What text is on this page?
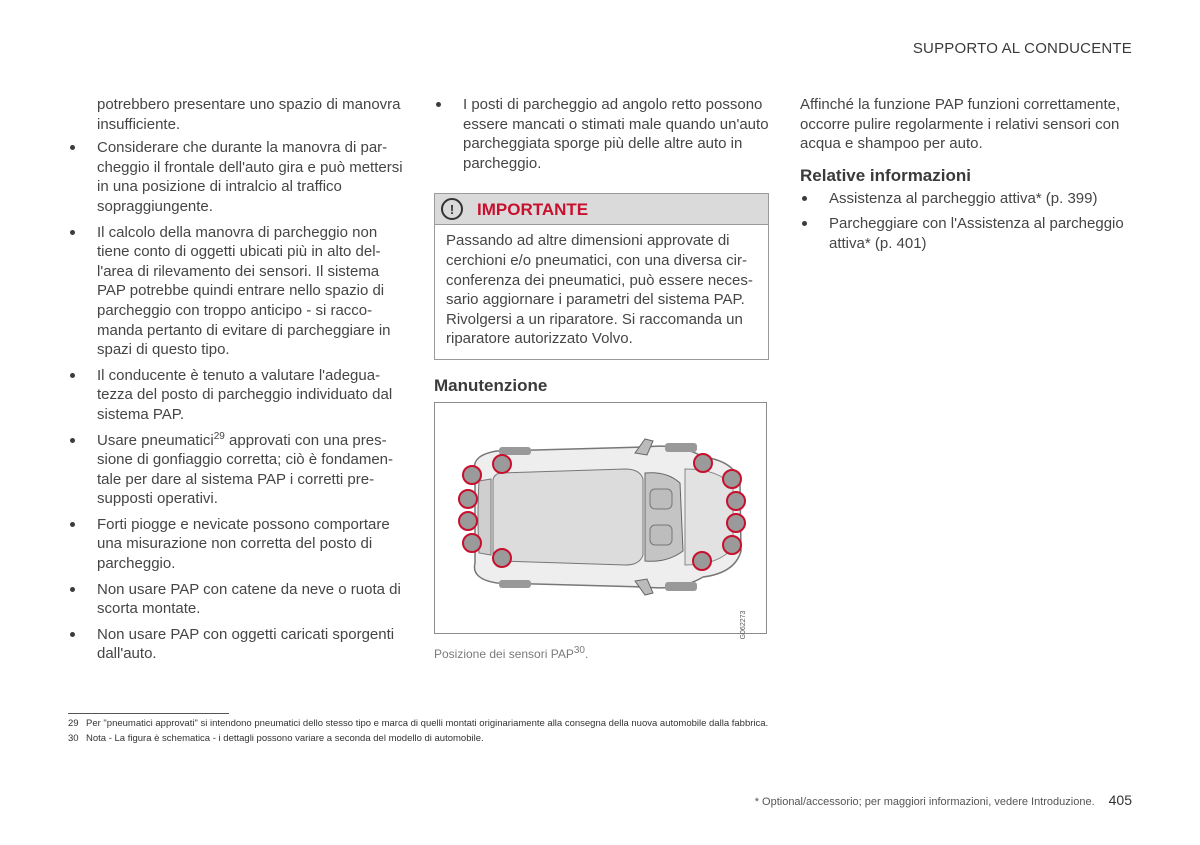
SUPPORTO AL CONDUCENTE
potrebbero presentare uno spazio di manovra insufficiente.
Considerare che durante la manovra di parcheggio il frontale dell'auto gira e può mettersi in una posizione di intralcio al traffico sopraggiungente.
Il calcolo della manovra di parcheggio non tiene conto di oggetti ubicati più in alto dell'area di rilevamento dei sensori. Il sistema PAP potrebbe quindi entrare nello spazio di parcheggio con troppo anticipo - si raccomanda pertanto di evitare di parcheggiare in spazi di questo tipo.
Il conducente è tenuto a valutare l'adeguatezza del posto di parcheggio individuato dal sistema PAP.
Usare pneumatici$^{29}$ approvati con una pressione di gonfiaggio corretta; ciò è fondamentale per dare al sistema PAP i corretti presupposti operativi.
Forti piogge e nevicate possono comportare una misurazione non corretta del posto di parcheggio.
Non usare PAP con catene da neve o ruota di scorta montate.
Non usare PAP con oggetti caricati sporgenti dall'auto.
I posti di parcheggio ad angolo retto possono essere mancati o stimati male quando un'auto parcheggiata sporge più delle altre auto in parcheggio.
!	IMPORTANTE
Passando ad altre dimensioni approvate di cerchioni e/o pneumatici, con una diversa circonferenza dei pneumatici, può essere necessario aggiornare i parametri del sistema PAP. Rivolgersi a un riparatore. Si raccomanda un riparatore autorizzato Volvo.
Manutenzione
G062273
Posizione dei sensori PAP$^{30}$.
Affinché la funzione PAP funzioni correttamente, occorre pulire regolarmente i relativi sensori con acqua e shampoo per auto.
Relative informazioni
Assistenza al parcheggio attiva* (p. 399)
Parcheggiare con l'Assistenza al parcheggio attiva* (p. 401)
29 Per "pneumatici approvati" si intendono pneumatici dello stesso tipo e marca di quelli montati originariamente alla consegna della nuova automobile dalla fabbrica.
30 Nota - La figura è schematica - i dettagli possono variare a seconda del modello di automobile.
* Optional/accessorio; per maggiori informazioni, vedere Introduzione. 405
